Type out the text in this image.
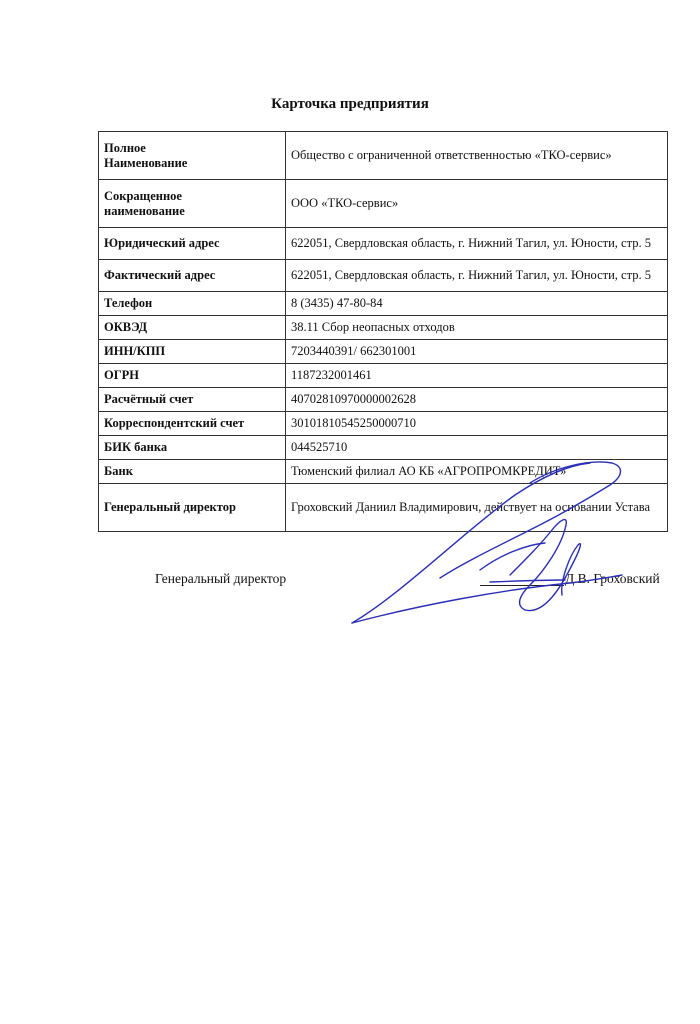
Карточка предприятия
Полное
Наименование	Общество с ограниченной ответственностью «ТКО-сервис»
Сокращенное
наименование	ООО «ТКО-сервис»
Юридический адрес	622051, Свердловская область, г. Нижний Тагил, ул. Юности, стр. 5
Фактический адрес	622051, Свердловская область, г. Нижний Тагил, ул. Юности, стр. 5
Телефон	8 (3435) 47-80-84
ОКВЭД	38.11 Сбор неопасных отходов
ИНН/КПП	7203440391/ 662301001
ОГРН	1187232001461
Расчётный счет	40702810970000002628
Корреспондентский счет	30101810545250000710
БИК банка	044525710
Банк	Тюменский филиал АО КБ «АГРОПРОМКРЕДИТ»
Генеральный директор	Гроховский Даниил Владимирович, действует на основании Устава
Генеральный директор	Д.В. Гроховский
